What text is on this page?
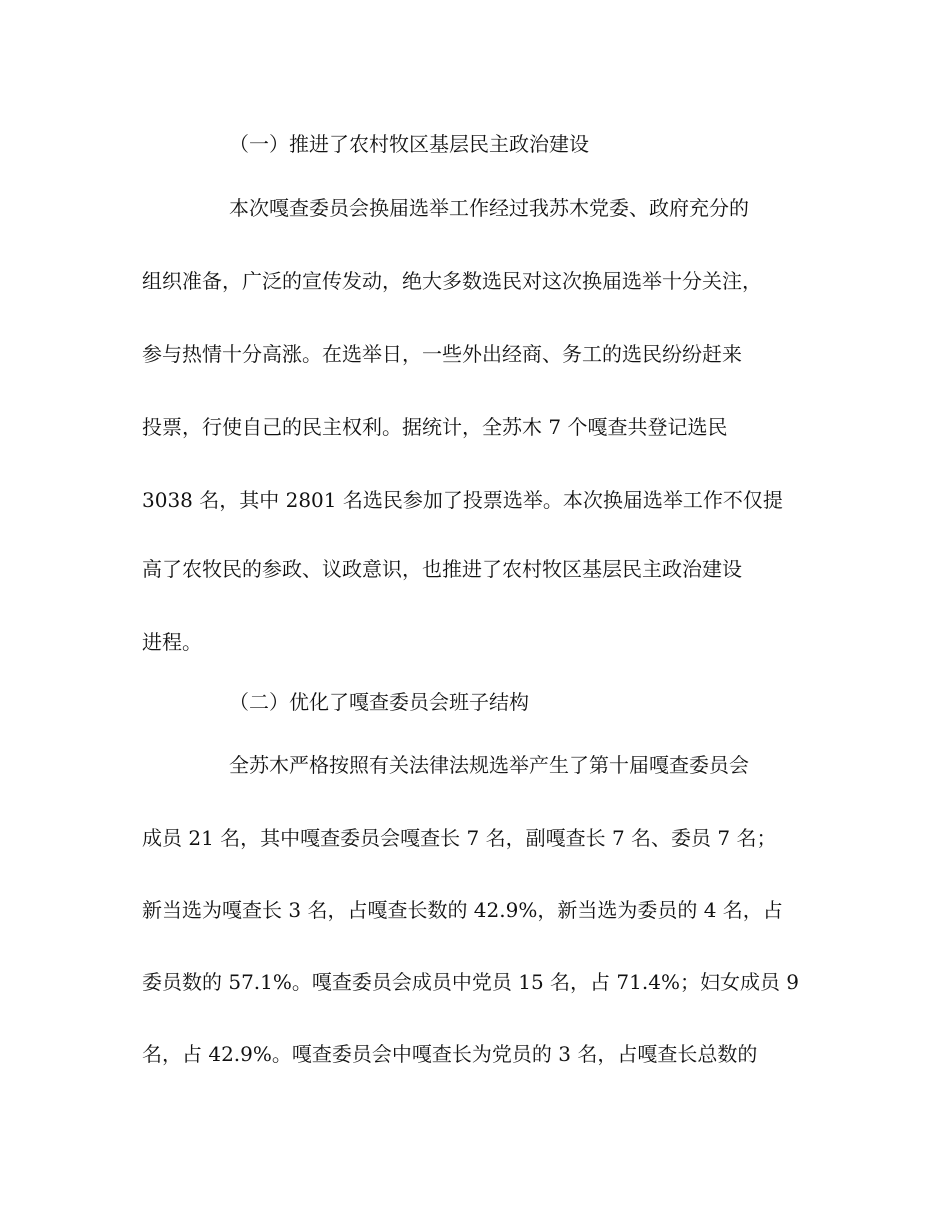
（一）推进了农村牧区基层民主政治建设
本次嘎查委员会换届选举工作经过我苏木党委、政府充分的
组织准备，广泛的宣传发动，绝大多数选民对这次换届选举十分关注，
参与热情十分高涨。在选举日，一些外出经商、务工的选民纷纷赶来
投票，行使自己的民主权利。据统计，全苏木 7 个嘎查共登记选民
3038 名，其中 2801 名选民参加了投票选举。本次换届选举工作不仅提
高了农牧民的参政、议政意识，也推进了农村牧区基层民主政治建设
进程。
（二）优化了嘎查委员会班子结构
全苏木严格按照有关法律法规选举产生了第十届嘎查委员会
成员 21 名，其中嘎查委员会嘎查长 7 名，副嘎查长 7 名、委员 7 名；
新当选为嘎查长 3 名，占嘎查长数的 42.9%，新当选为委员的 4 名，占
委员数的 57.1%。嘎查委员会成员中党员 15 名，占 71.4%；妇女成员 9
名，占 42.9%。嘎查委员会中嘎查长为党员的 3 名，占嘎查长总数的
